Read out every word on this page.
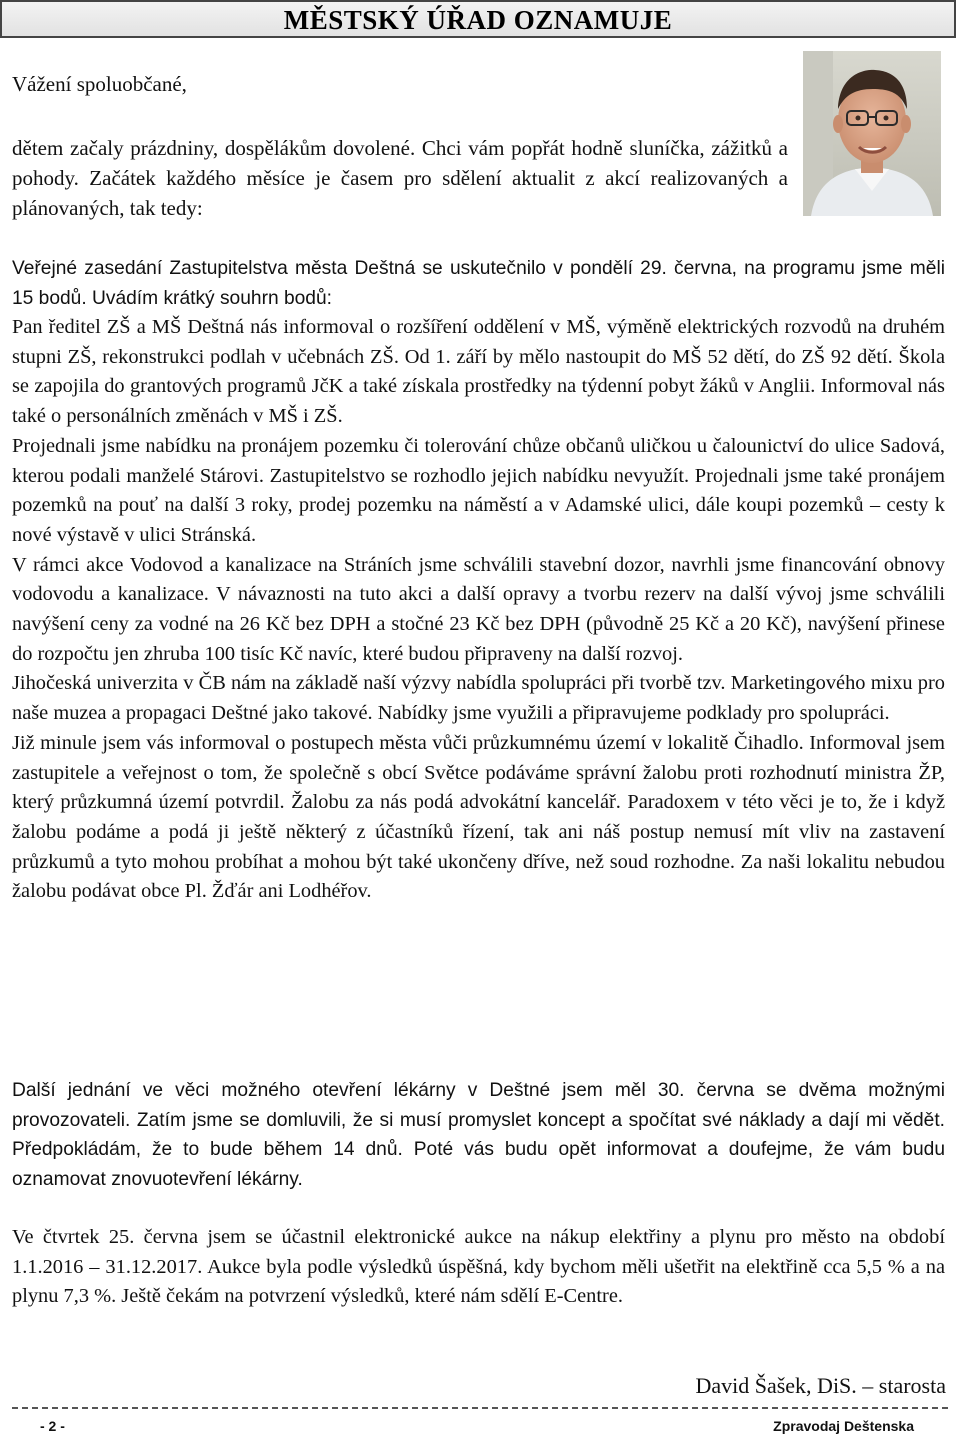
MĚSTSKÝ ÚŘAD OZNAMUJE
Vážení spoluobčané,
dětem začaly prázdniny, dospělákům dovolené. Chci vám popřát hodně sluníčka, zážitků a pohody. Začátek každého měsíce je časem pro sdělení aktualit z akcí realizovaných a plánovaných, tak tedy:
Veřejné zasedání Zastupitelstva města Deštná se uskutečnilo v pondělí 29. června, na programu jsme měli 15 bodů. Uvádím krátký souhrn bodů:

Pan ředitel ZŠ a MŠ Deštná nás informoval o rozšíření oddělení v MŠ, výměně elektrických rozvodů na druhém stupni ZŠ, rekonstrukci podlah v učebnách ZŠ. Od 1. září by mělo nastoupit do MŠ 52 dětí, do ZŠ 92 dětí. Škola se zapojila do grantových programů JčK a také získala prostředky na týdenní pobyt žáků v Anglii. Informoval nás také o personálních změnách v MŠ i ZŠ.

Projednali jsme nabídku na pronájem pozemku či tolerování chůze občanů uličkou u čalounictví do ulice Sadová, kterou podali manželé Stárovi. Zastupitelstvo se rozhodlo jejich nabídku nevyužít. Projednali jsme také pronájem pozemků na pouť na další 3 roky, prodej pozemku na náměstí a v Adamské ulici, dále koupi pozemků – cesty k nové výstavě v ulici Stránská.

V rámci akce Vodovod a kanalizace na Stráních jsme schválili stavební dozor, navrhli jsme financování obnovy vodovodu a kanalizace. V návaznosti na tuto akci a další opravy a tvorbu rezerv na další vývoj jsme schválili navýšení ceny za vodné na 26 Kč bez DPH a stočné 23 Kč bez DPH (původně 25 Kč a 20 Kč), navýšení přinese do rozpočtu jen zhruba 100 tisíc Kč navíc, které budou připraveny na další rozvoj.

Jihočeská univerzita v ČB nám na základě naší výzvy nabídla spolupráci při tvorbě tzv. Marketingového mixu pro naše muzea a propagaci Deštné jako takové. Nabídky jsme využili a připravujeme podklady pro spolupráci.

Již minule jsem vás informoval o postupech města vůči průzkumnému území v lokalitě Čihadlo. Informoval jsem zastupitele a veřejnost o tom, že společně s obcí Světce podáváme správní žalobu proti rozhodnutí ministra ŽP, který průzkumná území potvrdil. Žalobu za nás podá advokátní kancelář. Paradoxem v této věci je to, že i když žalobu podáme a podá ji ještě některý z účastníků řízení, tak ani náš postup nemusí mít vliv na zastavení průzkumů a tyto mohou probíhat a mohou být také ukončeny dříve, než soud rozhodne. Za naši lokalitu nebudou žalobu podávat obce Pl. Žďár ani Lodhéřov.

Další jednání ve věci možného otevření lékárny v Deštné jsem měl 30. června se dvěma možnými provozovateli. Zatím jsme se domluvili, že si musí promyslet koncept a spočítat své náklady a dají mi vědět. Předpokládám, že to bude během 14 dnů. Poté vás budu opět informovat a doufejme, že vám budu oznamovat znovuotevření lékárny.
Ve čtvrtek 25. června jsem se účastnil elektronické aukce na nákup elektřiny a plynu pro město na období 1.1.2016 – 31.12.2017. Aukce byla podle výsledků úspěšná, kdy bychom měli ušetřit na elektřině cca 5,5 % a na plynu 7,3 %. Ještě čekám na potvrzení výsledků, které nám sdělí E-Centre.
David Šašek, DiS. – starosta
- 2 -	Zpravodaj Deštenska
